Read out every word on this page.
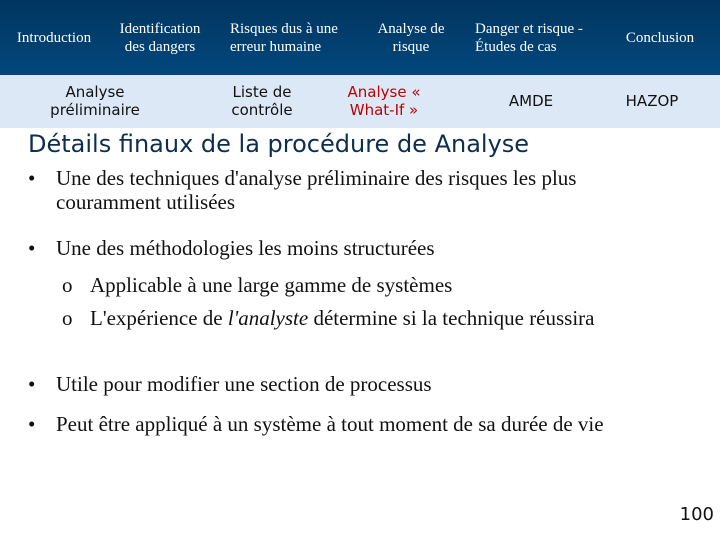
Introduction
Identification des dangers
Risques dus à une erreur humaine
Analyse de risque
Danger et risque - Études de cas
Conclusion
Analyse préliminaire
Liste de contrôle
Analyse « What-If »	AMDE	HAZOP
Détails finaux de la procédure de Analyse
• Une des techniques d'analyse préliminaire des risques les plus couramment utilisées
• Une des méthodologies les moins structurées
o Applicable à une large gamme de systèmes
o L'expérience de l'analyste détermine si la technique réussira
• Utile pour modifier une section de processus
• Peut être appliqué à un système à tout moment de sa durée de vie
100
